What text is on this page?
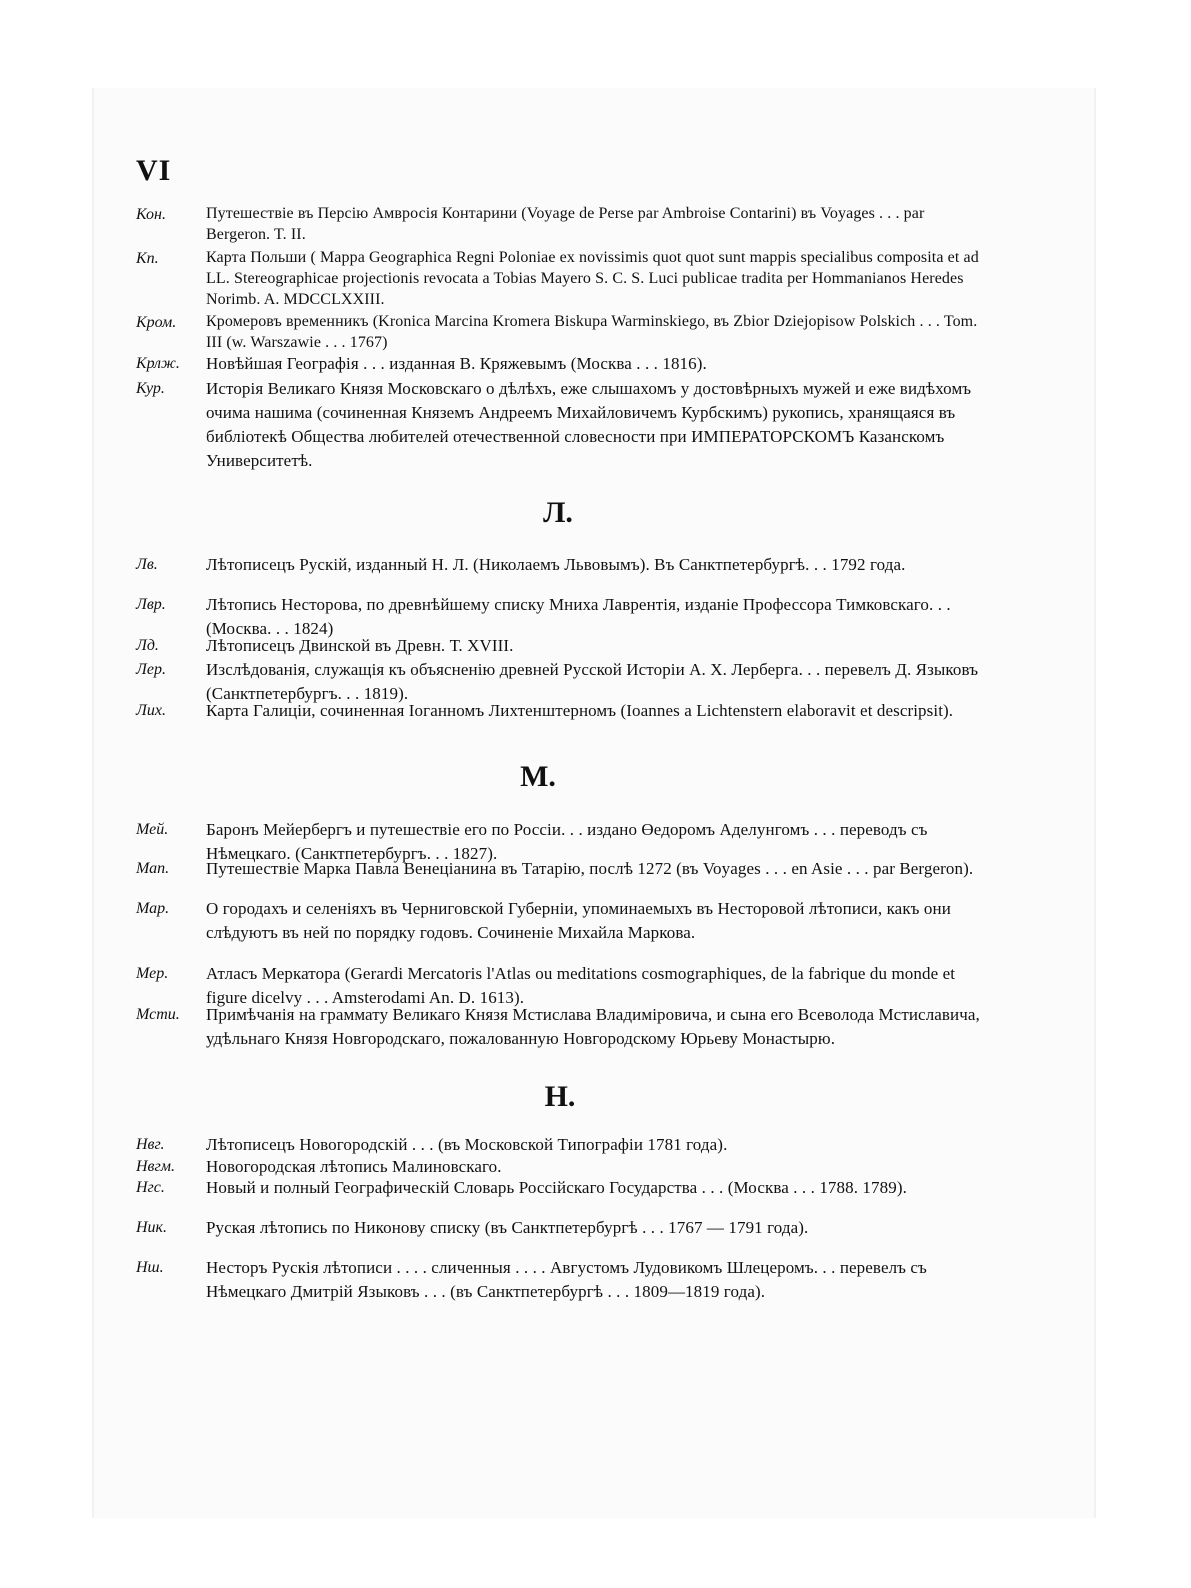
VI
Кон.	Путешествіе въ Персію Амвросія Контарини (Voyage de Perse par Ambroise Contarini) въ Voyages . . . par Bergeron. T. II.
Кп.	Карта Польши ( Mappa Geographica Regni Poloniae ex novissimis quot quot sunt mappis specialibus composita et ad LL. Stereographicae projectionis revocata a Tobias Mayero S. C. S. Luci publicae tradita per Hommanianos Heredes Norimb. A. MDCCLXXIII.
Кром.	Кромеровъ временникъ (Kronica Marcina Kromera Biskupa Warminskiego, въ Zbior Dziejopisow Polskich . . . Tom. III (w. Warszawie . . . 1767)
Крлж.	Новѣйшая Географія . . . изданная В. Кряжевымъ (Москва . . . 1816).
Кур.	Исторія Великаго Князя Московскаго о дѣлѣхъ, еже слышахомъ у достовѣрныхъ мужей и еже видѣхомъ очима нашима (сочиненная Княземъ Андреемъ Михайловичемъ Курбскимъ) рукопись, хранящаяся въ библіотекѣ Общества любителей отечественной словесности при ИМПЕРАТОРСКОМЪ Казанскомъ Университетѣ.
Л.
Лв.	Лѣтописецъ Рускій, изданный Н. Л. (Николаемъ Львовымъ). Въ Санктпетербургѣ. . . 1792 года.
Лвр.	Лѣтопись Несторова, по древнѣйшему списку Мниха Лаврентія, изданіе Профессора Тимковскаго. . . (Москва. . . 1824)
Лд.	Лѣтописецъ Двинской въ Древн. Т. XVIII.
Лер.	Изслѣдованія, служащія къ объясненію древней Русской Исторіи А. Х. Лерберга. . . перевелъ Д. Языковъ (Санктпетербургъ. . . 1819).
Лих.	Карта Галиціи, сочиненная Іоганномъ Лихтенштерномъ (Ioannes a Lichtenstern elaboravit et descripsit).
М.
Мей.	Баронъ Мейербергъ и путешествіе его по Россіи. . . издано Өедоромъ Аделунгомъ . . . переводъ съ Нѣмецкаго. (Санктпетербургъ. . . 1827).
Мап.	Путешествіе Марка Павла Венеціанина въ Татарію, послѣ 1272 (въ Voyages . . . en Asie . . . par Bergeron).
Мар.	О городахъ и селеніяхъ въ Черниговской Губерніи, упоминаемыхъ въ Несторовой лѣтописи, какъ они слѣдуютъ въ ней по порядку годовъ. Сочиненіе Михайла Маркова.
Мер.	Атласъ Меркатора (Gerardi Mercatoris l'Atlas ou meditations cosmographiques, de la fabrique du monde et figure dicelvy . . . Amsterodami An. D. 1613).
Мсти.	Примѣчанія на граммату Великаго Князя Мстислава Владиміровича, и сына его Всеволода Мстиславича, удѣльнаго Князя Новгородскаго, пожалованную Новгородскому Юрьеву Монастырю.
Н.
Нвг.	Лѣтописецъ Новогородскій . . . (въ Московской Типографіи 1781 года).
Нвгм.	Новогородская лѣтопись Малиновскаго.
Нгс.	Новый и полный Географическій Словарь Россійскаго Государства . . . (Москва . . . 1788. 1789).
Ник.	Руская лѣтопись по Никонову списку (въ Санктпетербургѣ . . . 1767 — 1791 года).
Нш.	Несторъ Рускія лѣтописи . . . . сличенныя . . . . Августомъ Лудовикомъ Шлецеромъ. . . перевелъ съ Нѣмецкаго Дмитрій Языковъ . . . (въ Санктпетербургѣ . . . 1809—1819 года).
